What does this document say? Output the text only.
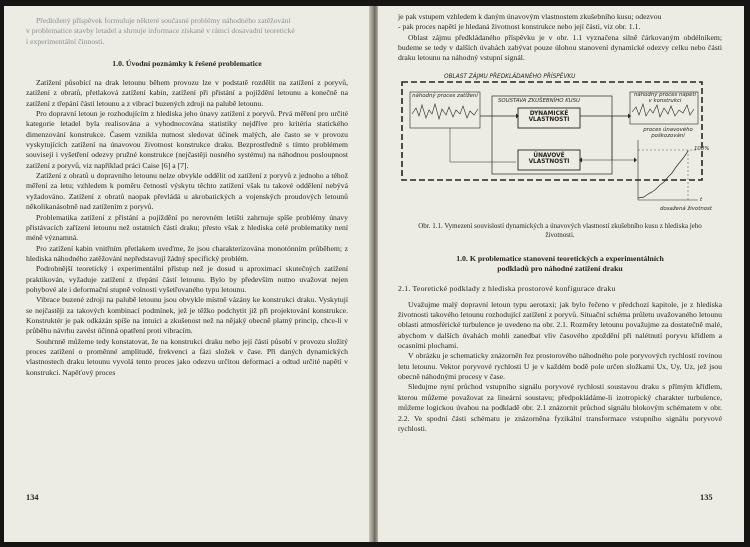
Předložený příspěvek formuluje některé současné problémy náhodného zatěžování

v problematice stavby letadel a shrnuje informace získané v rámci dosavadní teoretické

i experimentální činnosti.

1.0. Úvodní poznámky k řešené problematice

Zatížení působící na drak letounu během provozu lze v podstatě rozdělit na zatížení z poryvů, zatížení z obratů, přetlaková zatížení kabin, zatížení při přistání a pojíždění letounu a konečně na zatížení z třepání částí letounu a z vibrací buzených zdroji na palubě letounu.

Pro dopravní letoun je rozhodujícím z hlediska jeho únavy zatížení z poryvů. Prvá měření pro určité kategorie letadel byla realisována a vyhodnocována statistiky nejdříve pro kritéria statického dimenzování konstrukce. Časem vznikla nutnost sledovat účinek malých, ale často se v provozu vyskytujících zatížení na únavovou životnost konstrukce draku. Bezprostředně s tímto problémem souvisejí i vyšetření odezvy pružné konstrukce (nejčastěji nosného systému) na náhodnou posloupnost zatížení z poryvů, viz například práci Caise [6] a [7].

Zatížení z obratů u dopravního letounu nelze obvykle oddělit od zatížení z poryvů z jednoho a téhož měření za letu; vzhledem k poměru četností výskytu těchto zatížení však tu takové oddělení nebývá vyžadováno. Zatížení z obratů naopak převládá u akrobatických a vojenských proudových letounů několikanásobně nad zatížením z poryvů.

Problematika zatížení z přistání a pojíždění po nerovném letišti zahrnuje spíše problémy únavy přistávacích zařízení letounu než ostatních částí draku; přesto však z hlediska celé problematiky není méně významná.

Pro zatížení kabin vnitřním přetlakem uveďme, že jsou charakterizována monotónním průběhem; z hlediska náhodného zatěžování nepředstavují žádný specifický problém.

Podrobnější teoretický i experimentální přístup než je dosud u aproximací skutečných zatížení praktikován, vyžaduje zatížení z třepání částí letounu. Bylo by především nutno uvažovat nejen pohybové ale i deformační stupně volnosti vyšetřovaného typu letounu.

Vibrace buzené zdroji na palubě letounu jsou obvykle místně vázány ke konstrukci draku. Vyskytují se nejčastěji za takových kombinací podmínek, jež je těžko podchytit již při projektování konstrukce. Konstruktér je pak odkázán spíše na intuici a zkušenost než na nějaký obecně platný princip, chce-li v průběhu návrhu zavést účinná opatření proti vibracím.

Souhrnně můžeme tedy konstatovat, že na konstrukci draku nebo její části působí v provozu složitý proces zatížení o proměnné amplitudě, frekvenci a fázi složek v čase. Při daných dynamických vlastnostech draku letounu vyvolá tento proces jako odezvu určitou deformaci a odtud určité napětí v konstrukci. Napěťový proces

134

je pak vstupem vzhledem k daným únavovým vlastnostem zkušebního kusu; odezvou

- pak proces napětí je hledaná životnost konstrukce nebo její části, viz obr. 1.1.

Oblast zájmu předkládaného příspěvku je v obr. 1.1 vyznačena silně čárkovaným obdélníkem; budeme se tedy v dalších úvahách zabývat pouze úlohou stanovení dynamické odezvy celku nebo části draku letounu na náhodný vstupní signál.

OBLAST ZÁJMU PŘEDKLÁDANÉHO PŘÍSPĚVKU
SOUSTAVA ZKUŠEBNÍHO KUSU
náhodný proces zatížení	náhodný proces napětí v konstrukci
DYNAMICKÉ VLASTNOSTI
ÚNAVOVÉ VLASTNOSTI
proces únavového poškozování
100%
t
dosažená životnost

Obr. 1.1. Vymezení souvislostí dynamických a únavových vlastností zkušebního kusu z hlediska jeho životnosti.

1.0. K problematice stanovení teoretických a experimentálních

podkladů pro náhodné zatížení draku

2.1. Teoretické podklady z hlediska prostorové konfigurace draku

Uvažujme malý dopravní letoun typu aerotaxi; jak bylo řečeno v předchozí kapitole, je z hlediska životnosti takového letounu rozhodující zatížení z poryvů. Situační schéma průletu uvažovaného letounu oblasti atmosférické turbulence je uvedeno na obr. 2.1. Rozměry letounu považujme za dostatečně malé, abychom v dalších úvahách mohli zanedbat vliv časového zpoždění při nalétnutí poryvu křídlem a ocasními plochami.

V obrázku je schematicky znázorněn řez prostorového náhodného pole poryvových rychlostí rovinou letu letounu. Vektor poryvové rychlosti U je v každém bodě pole určen složkami Ux, Uy, Uz, jež jsou obecně náhodnými procesy v čase.

Sledujme nyní průchod vstupního signálu poryvové rychlosti soustavou draku s přímým křídlem, kterou můžeme považovat za lineární soustavu; předpokládáme-li izotropický charakter turbulence, můžeme logickou úvahou na podkladě obr. 2.1 znázornit průchod signálu blokovým schématem v obr. 2.2. Ve spodní části schématu je znázorněna fyzikální transformace vstupního signálu poryvové rychlosti.

135
